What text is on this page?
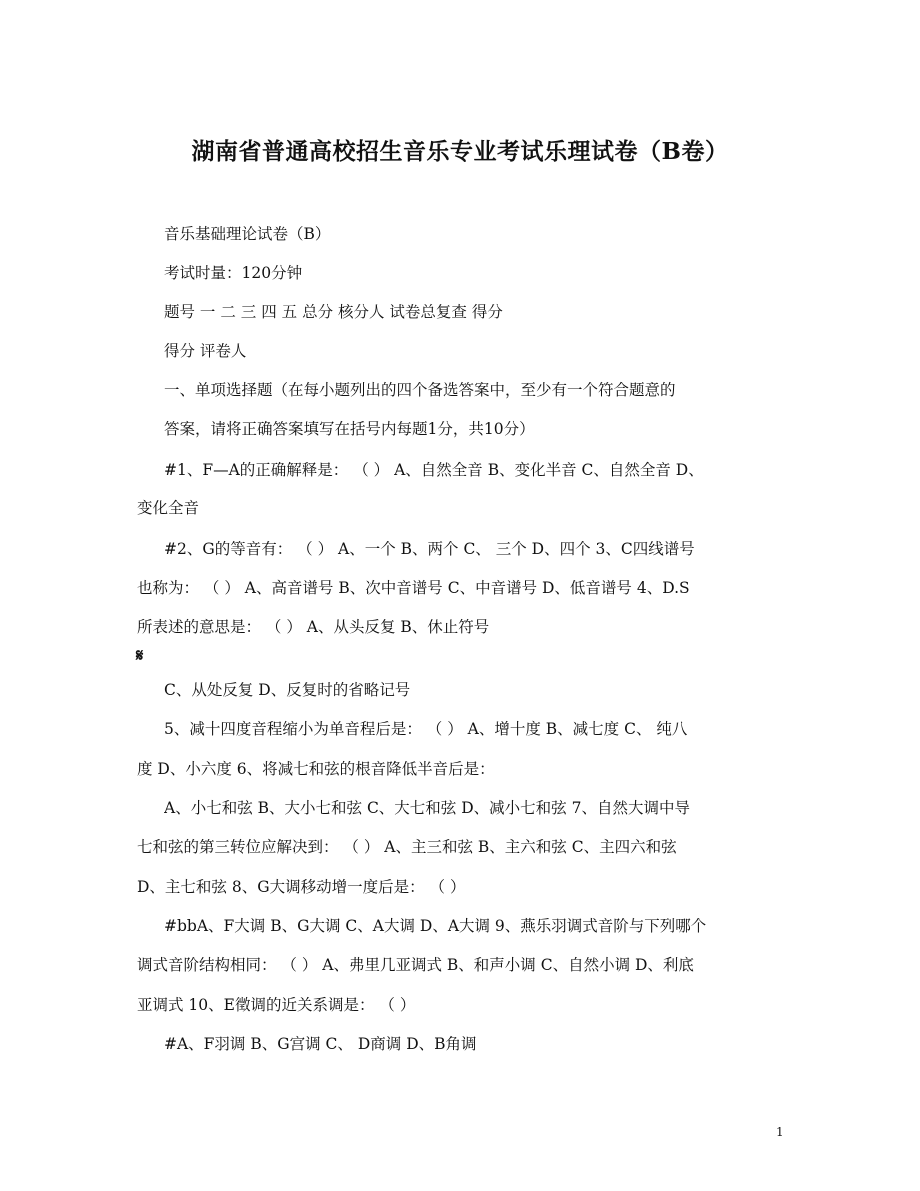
湖南省普通高校招生音乐专业考试乐理试卷（B卷）
音乐基础理论试卷（B）
考试时量：120分钟
题号 一 二 三 四 五 总分 核分人 试卷总复查 得分
得分 评卷人
一、单项选择题（在每小题列出的四个备选答案中，至少有一个符合题意的
答案，请将正确答案填写在括号内每题1分，共10分）
#1、F—A的正确解释是： （ ） A、自然全音 B、变化半音 C、自然全音 D、
变化全音
#2、G的等音有： （ ） A、一个 B、两个 C、 三个 D、四个 3、C四线谱号
也称为： （ ） A、高音谱号 B、次中音谱号 C、中音谱号 D、低音谱号 4、D.S
所表述的意思是： （ ） A、从头反复 B、休止符号
𝄋
C、从处反复 D、反复时的省略记号
5、减十四度音程缩小为单音程后是： （ ） A、增十度 B、减七度 C、 纯八
度 D、小六度 6、将减七和弦的根音降低半音后是：
A、小七和弦 B、大小七和弦 C、大七和弦 D、减小七和弦 7、自然大调中导
七和弦的第三转位应解决到： （ ） A、主三和弦 B、主六和弦 C、主四六和弦
D、主七和弦 8、G大调移动增一度后是： （ ）
#bbA、F大调 B、G大调 C、A大调 D、A大调 9、燕乐羽调式音阶与下列哪个
调式音阶结构相同： （ ） A、弗里几亚调式 B、和声小调 C、自然小调 D、利底
亚调式 10、E徵调的近关系调是： （ ）
#A、F羽调 B、G宫调 C、 D商调 D、B角调
1
